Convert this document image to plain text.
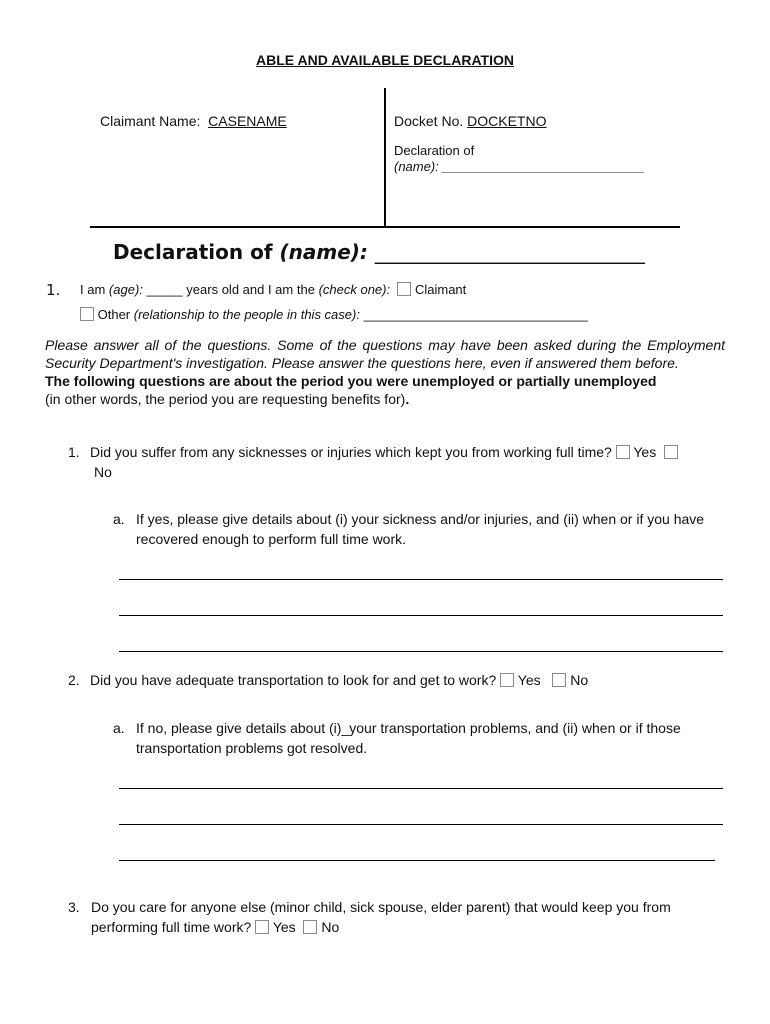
ABLE AND AVAILABLE DECLARATION
Claimant Name: CASENAME	Docket No. DOCKETNO
Declaration of
(name): ____________________________
Declaration of (name): ___________________________
1. I am (age): _____ years old and I am the (check one): Claimant
Other (relationship to the people in this case): _______________________________
Please answer all of the questions. Some of the questions may have been asked during the Employment Security Department's investigation. Please answer the questions here, even if answered them before.
The following questions are about the period you were unemployed or partially unemployed
(in other words, the period you are requesting benefits for).
1. Did you suffer from any sicknesses or injuries which kept you from working full time? Yes
No
a. If yes, please give details about (i) your sickness and/or injuries, and (ii) when or if you have recovered enough to perform full time work.
2. Did you have adequate transportation to look for and get to work? Yes No
a. If no, please give details about (i)_your transportation problems, and (ii) when or if those transportation problems got resolved.
3. Do you care for anyone else (minor child, sick spouse, elder parent) that would keep you from performing full time work? Yes No
